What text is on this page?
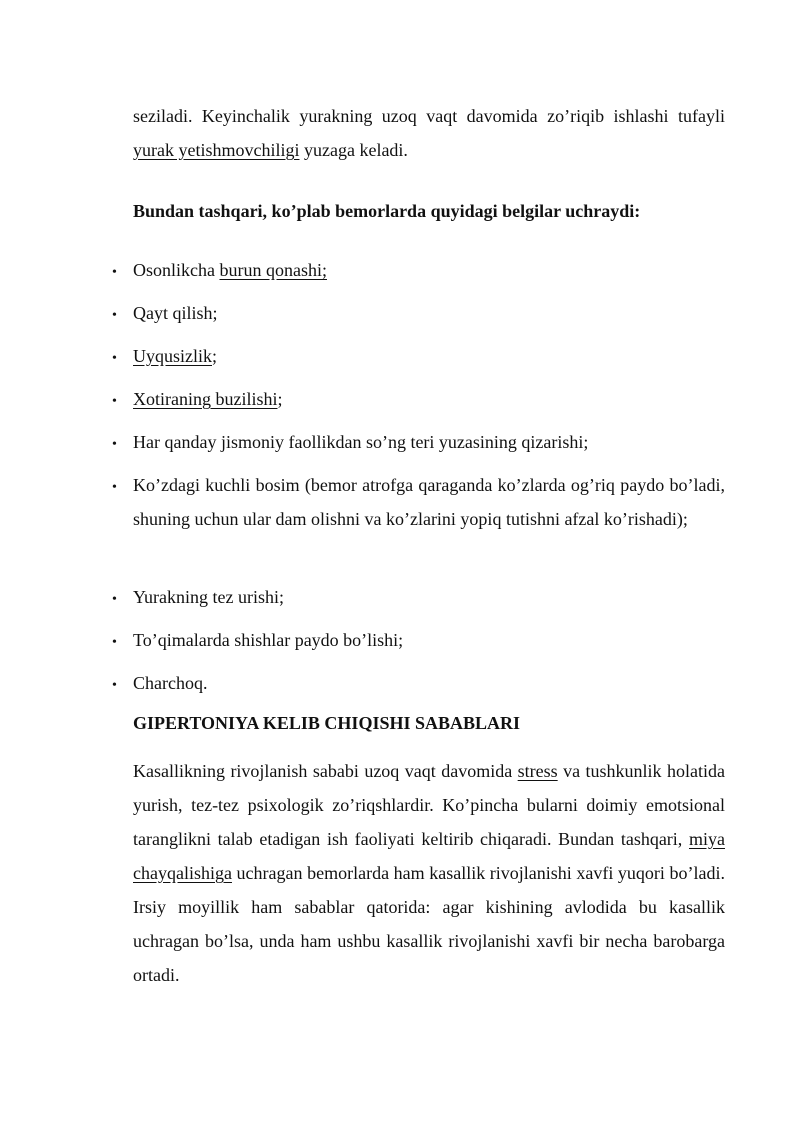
seziladi. Keyinchalik yurakning uzoq vaqt davomida zo’riqib ishlashi tufayli yurak yetishmovchiligi yuzaga keladi.
Bundan tashqari, ko’plab bemorlarda quyidagi belgilar uchraydi:
•
Osonlikcha burun qonashi;
•
Qayt qilish;
•
Uyqusizlik;
•
Xotiraning buzilishi;
•
Har qanday jismoniy faollikdan so’ng teri yuzasining qizarishi;
•
Ko’zdagi kuchli bosim (bemor atrofga qaraganda ko’zlarda og’riq paydo bo’ladi, shuning uchun ular dam olishni va ko’zlarini yopiq tutishni afzal ko’rishadi);
•
Yurakning tez urishi;
•
To’qimalarda shishlar paydo bo’lishi;
•
Charchoq.
GIPERTONIYA KELIB CHIQISHI SABABLARI
Kasallikning rivojlanish sababi uzoq vaqt davomida stress va tushkunlik holatida yurish, tez-tez psixologik zo’riqshlardir. Ko’pincha bularni doimiy emotsional taranglikni talab etadigan ish faoliyati keltirib chiqaradi. Bundan tashqari, miya chayqalishiga uchragan bemorlarda ham kasallik rivojlanishi xavfi yuqori bo’ladi. Irsiy moyillik ham sabablar qatorida: agar kishining avlodida bu kasallik uchragan bo’lsa, unda ham ushbu kasallik rivojlanishi xavfi bir necha barobarga ortadi.
